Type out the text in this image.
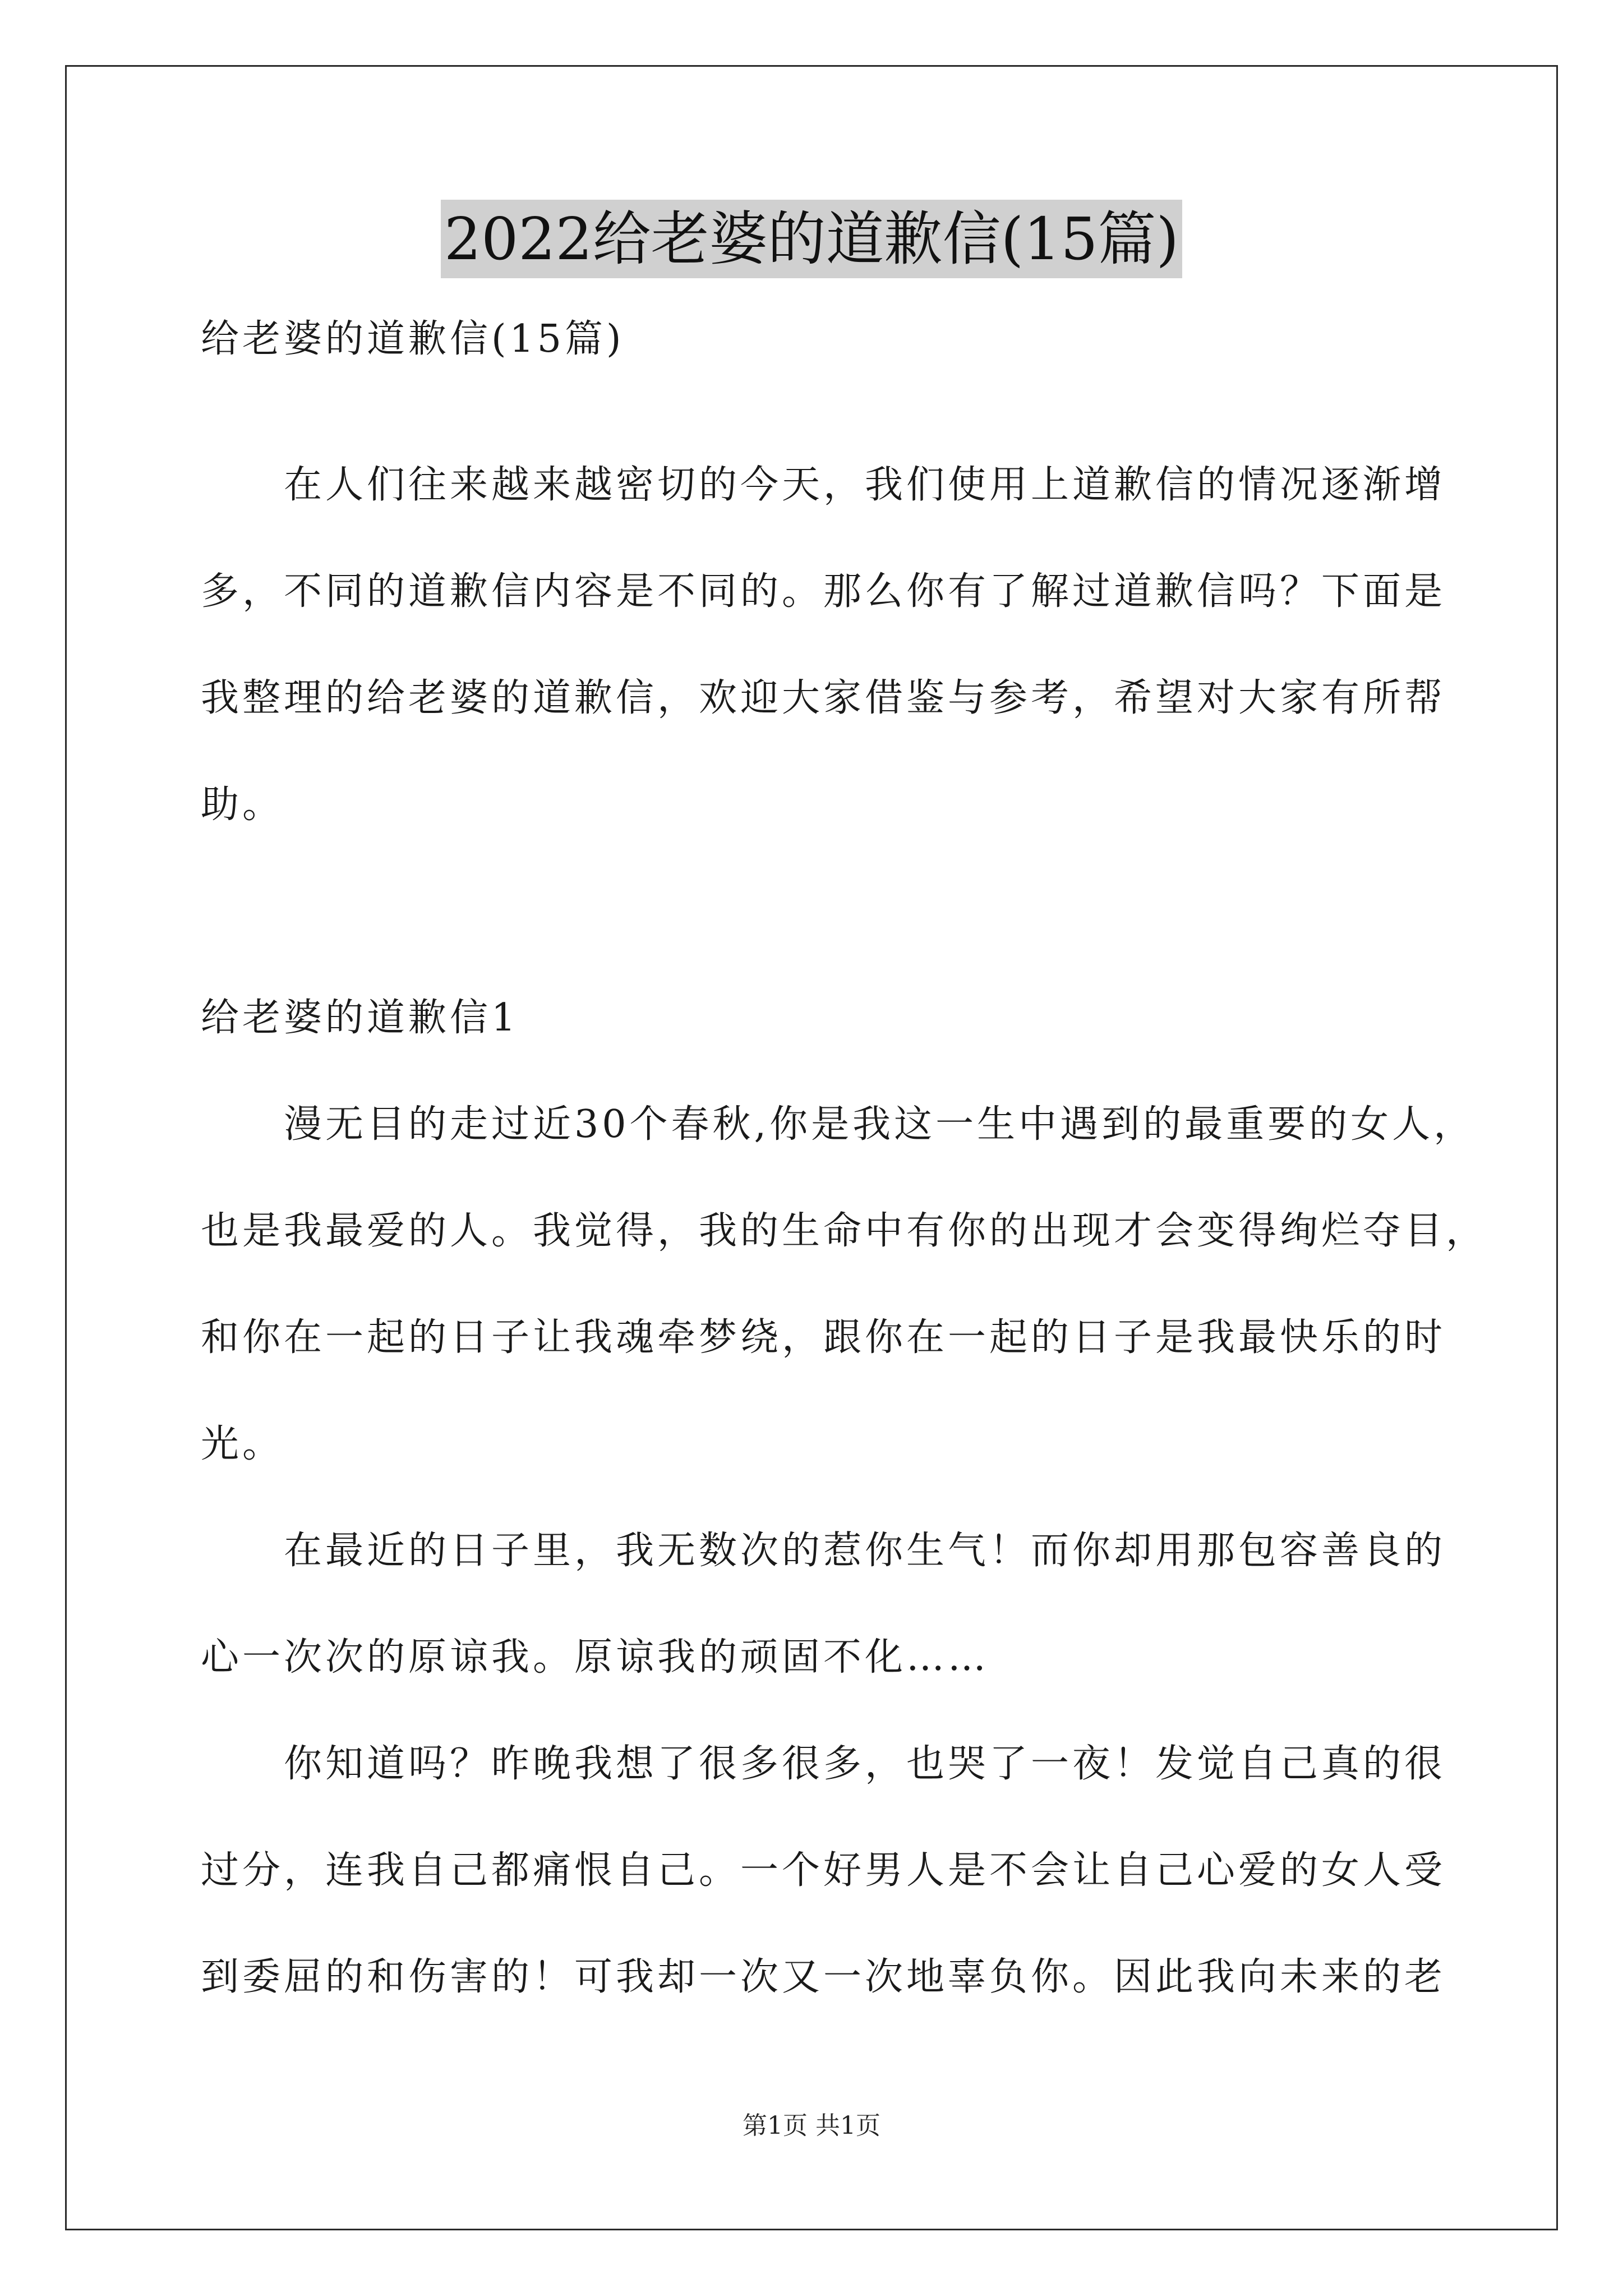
2022给老婆的道歉信(15篇)
给老婆的道歉信(15篇)
在人们往来越来越密切的今天，我们使用上道歉信的情况逐渐增
多，不同的道歉信内容是不同的。那么你有了解过道歉信吗？下面是
我整理的给老婆的道歉信，欢迎大家借鉴与参考，希望对大家有所帮
助。
给老婆的道歉信1
漫无目的走过近30个春秋,你是我这一生中遇到的最重要的女人，
也是我最爱的人。我觉得，我的生命中有你的出现才会变得绚烂夺目，
和你在一起的日子让我魂牵梦绕，跟你在一起的日子是我最快乐的时
光。
在最近的日子里，我无数次的惹你生气！而你却用那包容善良的
心一次次的原谅我。原谅我的顽固不化……
你知道吗？昨晚我想了很多很多，也哭了一夜！发觉自己真的很
过分，连我自己都痛恨自己。一个好男人是不会让自己心爱的女人受
到委屈的和伤害的！可我却一次又一次地辜负你。因此我向未来的老
第1页 共1页
